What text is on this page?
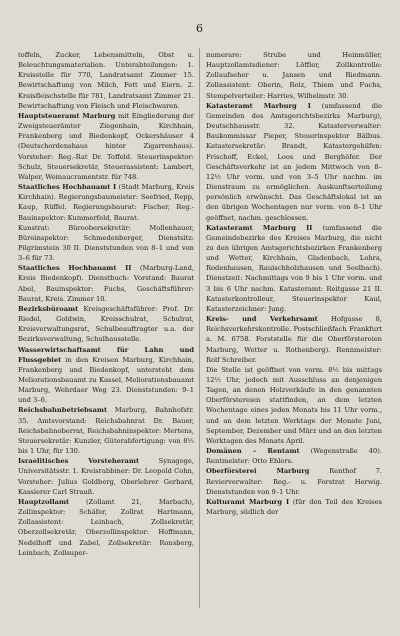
6

toffeln, Zucker, Lebensmitteln, Obst u. Beleuchtungsmaterialien. Unterabteilungen: 1. Kreisstelle für 770, Landratsamt Zimmer 15. Bewirtschaftung von Milch, Fett und Eiern. 2. Kreisfleischstelle für 781, Landratsamt Zimmer 21. Bewirtschaftung von Fleisch und Fleischwaren.

Hauptsteueramt Marburg mit Eingliederung der Zweigsteuerämter Ziegenhain, Kirchhain, Frankenberg und Biedenkopf, Ockershäuser 4 (Deutschordenshaus hinter Zigarrenhaus). Vorsteher: Reg.-Rat Dr. Toffeld. Steuerinspektor: Schulz, Steuersekretär, Steuerassistent: Lambert, Walper, Weinaucramentstr. für 748.

Staatliches Hochbauamt I (Stadt Marburg, Kreis Kirchhain). Regierungsbaumeister: Seefried, Repp, Kaup, Rüffel. Regierungsbaurat: Fischer, Reg.-Bauinspektor: Kummerfeld, Baurat.

Kunstrat: Büroobersekretär: Mollenhauer, Büroinspektor: Schmedenberger, Dienstsitz: Pilgrimstein 30 II. Dienststunden von 8–1 und von 3–6 für 73.

Staatliches Hochbauamt II (Marburg-Land, Kreis Biedenkopf). Dienstbuch: Vorstand: Baurat Abel, Bauinspektor: Fuchs, Geschäftsführer: Baurat, Kreis. Zimmer 10.

Bezirksbüroamt Kreisgeschäftsführer: Prof. Dr. Riedel, Goldwin, Kreisschulrat, Schulrat, Kreisverwaltungsrat, Schulbeauftragter u.a. der Bezirksverwaltung, Schulhausstelle.

Wasserwirtschaftsamt für Lahn und Flussgebiet in den Kreisen Marburg, Kirchhain, Frankenberg und Biedenkopf, untersteht dem Meliorationsbauamt zu Kassel, Meliorationsbauamt Marburg, Wehrdaer Weg 23. Dienststunden: 9–1 und 3–6.

Reichsbahnbetriebsamt Marburg, Bahnhofstr. 35. Amtsvorstand: Reichsbahnrat Dr. Bauer, Reichsbahnoberrat, Reichsbahninspektor: Mertens, Steuersekretär: Kunzler, Güterabfertigung: von 8½ bis 1 Uhr, für 130.

Israelitisches Vorsteheramt	Synagoge, Universitätsstr. 1. Kreisrabbiner: Dr. Leopold Cohn, Vorsteher: Julius Goldberg, Oberlehrer Gerhard, Kassierer Carl Strauß.

Hauptzollamt	(Zollamt 21, Marbach), Zollinspektor: Schäfer, Zollrat Hartmann, Zollassistent: Leinbach, Zollsekretär, Oberzollsekretär, Oberzollinspektor: Hoffmann, Nedelhoff und Zabel, Zollsekretär: Ronsberg, Leinbach, Zollsuper-

numerare: Strube und Heinmüller, Hauptzollamtsdiener: Löffler, Zollkontrolle: Zollaufseher u. Jansen und Riedmann. Zollassistent: Oberin, Rolz, Thiem und Fuchs, Stempelverteiler: Harries, Wilhelmstr. 30.

Katasteramt Marburg I (umfassend die Gemeinden des Amtsgerichtsbezirks Marburg), Deutschhausstr. 32. Katasterverwalter: Baukommissar Pieper, Steuerinspektor Bälbus. Katastersekretär: Brandt, Katastergehilfen: Frischoff, Eckel, Loos und Berghöfer. Der Geschäftsverkehr ist an jedem Mittwoch von 8–12½ Uhr vorm. und von 3–5 Uhr nachm. im Dienstraum zu ermöglichen. Auskunftserteilung persönlich erwünscht. Das Geschäftslokal ist an den übrigen Wochentagen nur vorm. von 8–1 Uhr geöffnet, nachm. geschlossen.

Katasteramt Marburg II (umfassend die Gemeindebezirke des Kreises Marburg, die nicht zu den übrigen Amtsgerichtsbezirken Frankenberg und Wetter, Kirchhain, Gladenbach, Lohra, Rodenhausen, Rauischholzhausen und Seelbach). Dienstzeit: Nachmittags von 9 bis 1 Uhr vorm. und 3 bis 6 Uhr nachm. Katasteramt: Reitgasse 21 II. Katasterkontrolleur, Steuerinspektor Kaul, Katasterzeichner: Jung.

Kreis- und Verkehrsamt Hofgasse 8, Reichsverkehrskontrolle. Postschließfach Frankfurt a. M. 6758. Forststelle für die Oberförstereien Marburg, Wetter u. Rothenberg). Rennmeister: Rolf Schreiber.

Die Stelle ist geöffnet von vorm. 8½ bis mittags 12½ Uhr, jedoch mit Ausschluss an denjenigen Tagen, an denen Holzverkäufe in den genannten Oberförstereien stattfinden, an dem letzten Wochentage eines jeden Monats bis 11 Uhr vorm., und an dem letzten Werktage der Monate Juni, September, Dezember und März und an den letzten Werktagen des Monats April.

Domänen – Rentamt (Wegenstraße 40). Rentmeister: Otto Ehlers.

Oberförsterei Marburg	Renthof 7. Revierverwalter: Reg.- u. Forstrat Herwig. Dienststunden von 9–1 Uhr.

Kulturamt Marburg I (für den Teil des Kreises Marburg, südlich der
